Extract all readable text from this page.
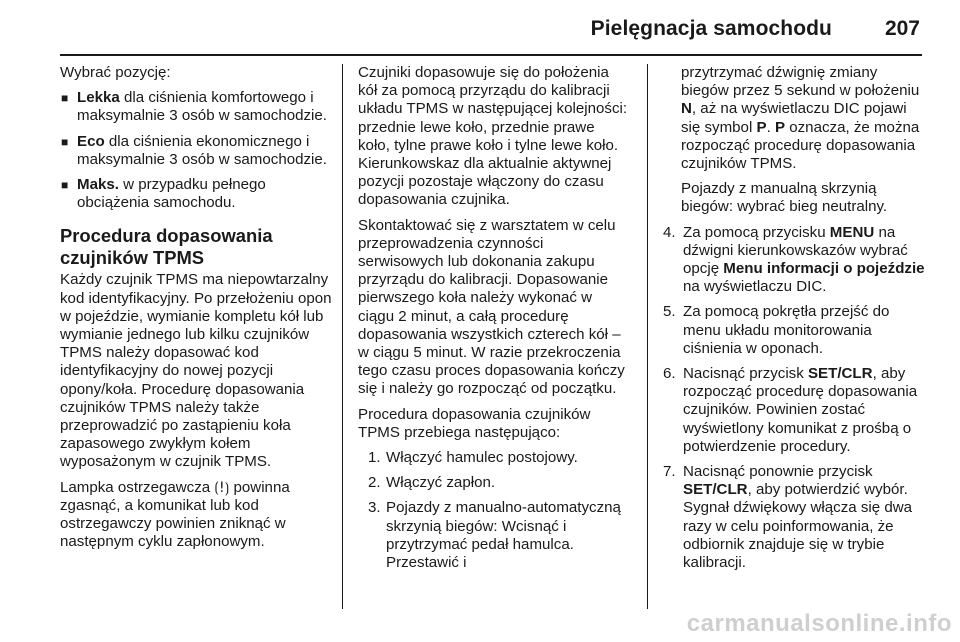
Pielęgnacja samochodu	207

Wybrać pozycję:

■ Lekka dla ciśnienia komfortowego i maksymalnie 3 osób w samochodzie.
■ Eco dla ciśnienia ekonomicznego i maksymalnie 3 osób w samochodzie.
■ Maks. w przypadku pełnego obciążenia samochodu.
Procedura dopasowania czujników TPMS

Każdy czujnik TPMS ma niepowtarzalny kod identyfikacyjny. Po przełożeniu opon w pojeździe, wymianie kompletu kół lub wymianie jednego lub kilku czujników TPMS należy dopasować kod identyfikacyjny do nowej pozycji opony/koła. Procedurę dopasowania czujników TPMS należy także przeprowadzić po zastąpieniu koła zapasowego zwykłym kołem wyposażonym w czujnik TPMS.

Lampka ostrzegawcza ⟮!⟯ powinna zgasnąć, a komunikat lub kod ostrzegawczy powinien zniknąć w następnym cyklu zapłonowym.

Czujniki dopasowuje się do położenia kół za pomocą przyrządu do kalibracji układu TPMS w następującej kolejności: przednie lewe koło, przednie prawe koło, tylne prawe koło i tylne lewe koło. Kierunkowskaz dla aktualnie aktywnej pozycji pozostaje włączony do czasu dopasowania czujnika.

Skontaktować się z warsztatem w celu przeprowadzenia czynności serwisowych lub dokonania zakupu przyrządu do kalibracji. Dopasowanie pierwszego koła należy wykonać w ciągu 2 minut, a całą procedurę dopasowania wszystkich czterech kół – w ciągu 5 minut. W razie przekroczenia tego czasu proces dopasowania kończy się i należy go rozpocząć od początku.

Procedura dopasowania czujników TPMS przebiega następująco:

1. Włączyć hamulec postojowy.
2. Włączyć zapłon.
3. Pojazdy z manualno-automatyczną skrzynią biegów: Wcisnąć i przytrzymać pedał hamulca. Przestawić i

przytrzymać dźwignię zmiany biegów przez 5 sekund w położeniu N, aż na wyświetlaczu DIC pojawi się symbol P. P oznacza, że można rozpocząć procedurę dopasowania czujników TPMS.

Pojazdy z manualną skrzynią biegów: wybrać bieg neutralny.

4. Za pomocą przycisku MENU na dźwigni kierunkowskazów wybrać opcję Menu informacji o pojeździe na wyświetlaczu DIC.
5. Za pomocą pokrętła przejść do menu układu monitorowania ciśnienia w oponach.
6. Nacisnąć przycisk SET/CLR, aby rozpocząć procedurę dopasowania czujników. Powinien zostać wyświetlony komunikat z prośbą o potwierdzenie procedury.
7. Nacisnąć ponownie przycisk SET/CLR, aby potwierdzić wybór. Sygnał dźwiękowy włącza się dwa razy w celu poinformowania, że odbiornik znajduje się w trybie kalibracji.
carmanualsonline.info
